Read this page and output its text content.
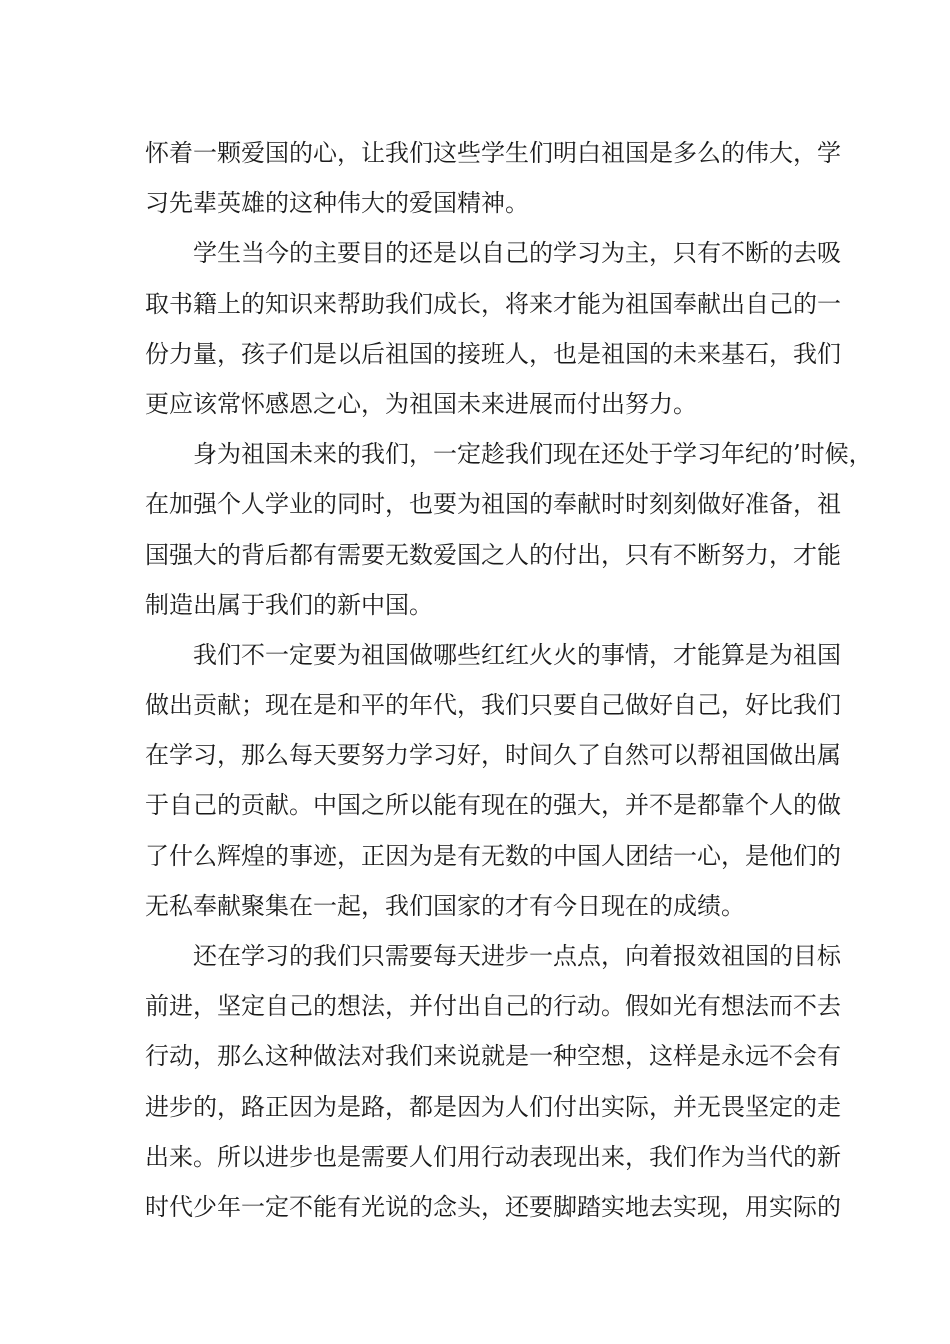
怀着一颗爱国的心，让我们这些学生们明白祖国是多么的伟大，学
习先辈英雄的这种伟大的爱国精神。
学生当今的主要目的还是以自己的学习为主，只有不断的去吸
取书籍上的知识来帮助我们成长，将来才能为祖国奉献出自己的一
份力量，孩子们是以后祖国的接班人，也是祖国的未来基石，我们
更应该常怀感恩之心，为祖国未来进展而付出努力。
身为祖国未来的我们，一定趁我们现在还处于学习年纪的’时候，
在加强个人学业的同时，也要为祖国的奉献时时刻刻做好准备，祖
国强大的背后都有需要无数爱国之人的付出，只有不断努力，才能
制造出属于我们的新中国。
我们不一定要为祖国做哪些红红火火的事情，才能算是为祖国
做出贡献；现在是和平的年代，我们只要自己做好自己，好比我们
在学习，那么每天要努力学习好，时间久了自然可以帮祖国做出属
于自己的贡献。中国之所以能有现在的强大，并不是都靠个人的做
了什么辉煌的事迹，正因为是有无数的中国人团结一心，是他们的
无私奉献聚集在一起，我们国家的才有今日现在的成绩。
还在学习的我们只需要每天进步一点点，向着报效祖国的目标
前进，坚定自己的想法，并付出自己的行动。假如光有想法而不去
行动，那么这种做法对我们来说就是一种空想，这样是永远不会有
进步的，路正因为是路，都是因为人们付出实际，并无畏坚定的走
出来。所以进步也是需要人们用行动表现出来，我们作为当代的新
时代少年一定不能有光说的念头，还要脚踏实地去实现，用实际的
